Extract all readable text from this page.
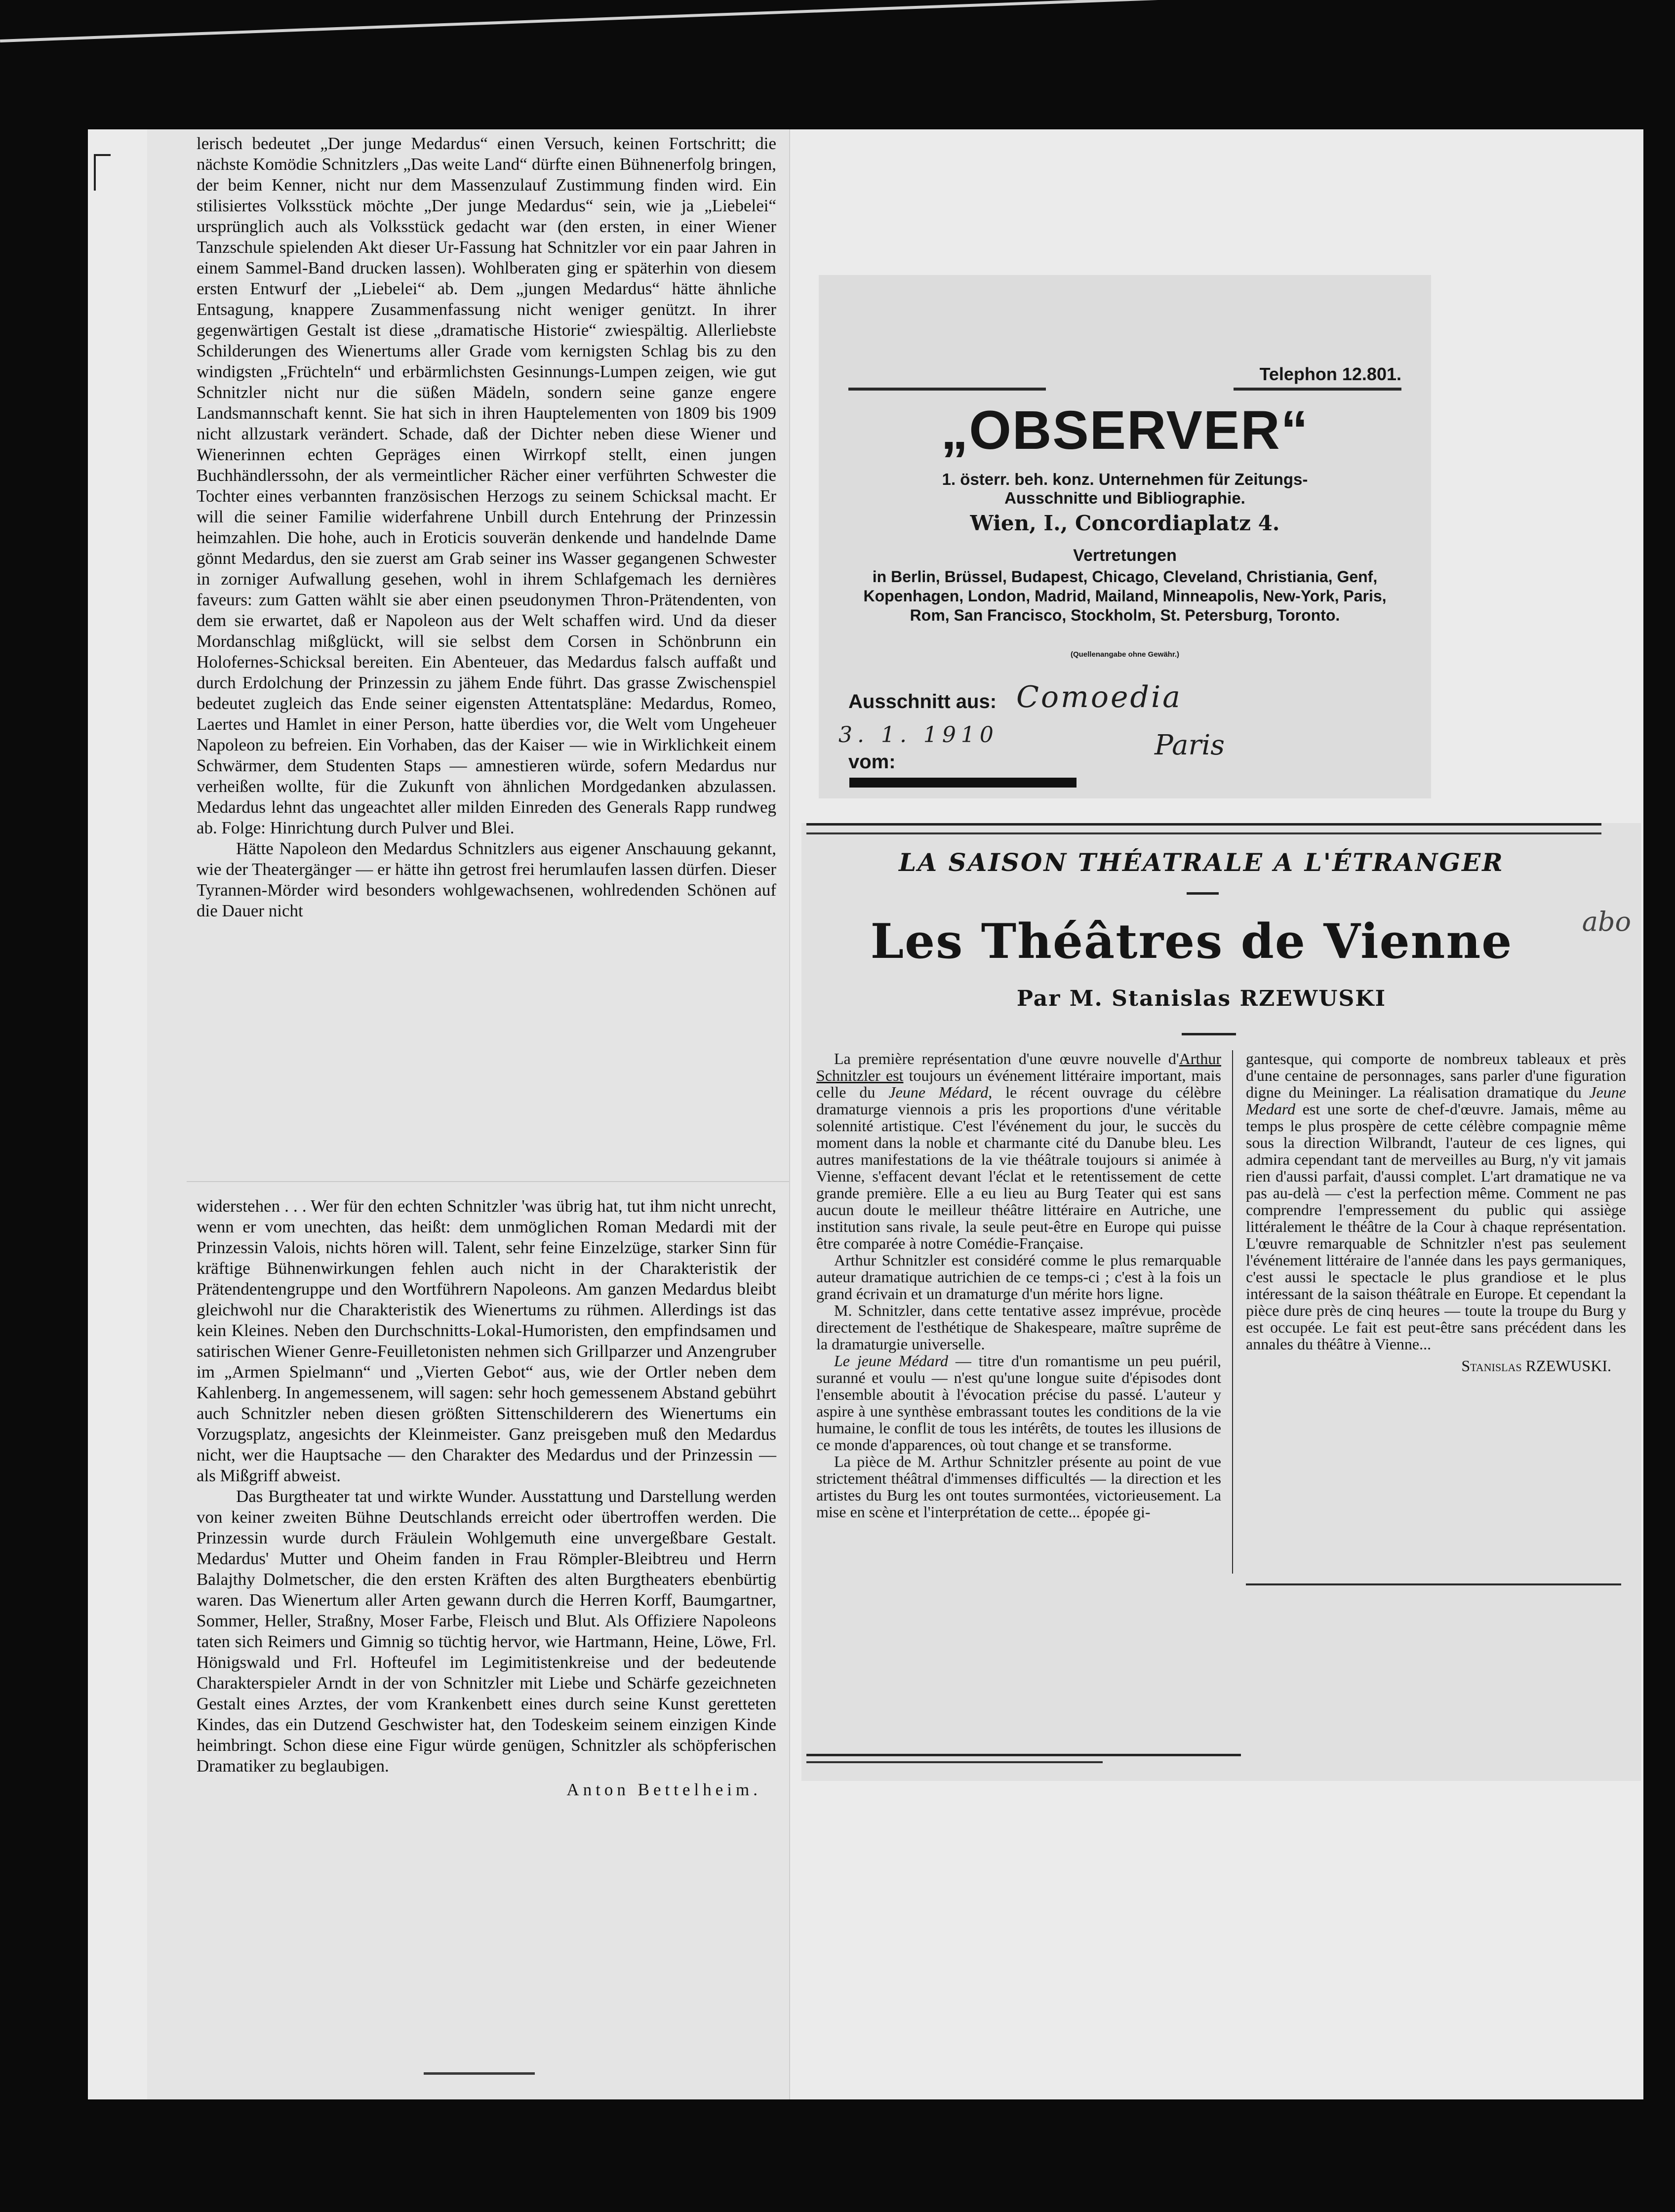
lerisch bedeutet „Der junge Medardus“ einen Versuch, keinen Fortschritt; die nächste Komödie Schnitzlers „Das weite Land“ dürfte einen Bühnenerfolg bringen, der beim Kenner, nicht nur dem Massenzulauf Zustimmung finden wird. Ein stilisiertes Volksstück möchte „Der junge Medardus“ sein, wie ja „Liebelei“ ursprünglich auch als Volksstück gedacht war (den ersten, in einer Wiener Tanzschule spielenden Akt dieser Ur-Fassung hat Schnitzler vor ein paar Jahren in einem Sammel-Band drucken lassen). Wohlberaten ging er späterhin von diesem ersten Entwurf der „Liebelei“ ab. Dem „jungen Medardus“ hätte ähnliche Entsagung, knappere Zusammenfassung nicht weniger genützt. In ihrer gegenwärtigen Gestalt ist diese „dramatische Historie“ zwiespältig. Allerliebste Schilderungen des Wienertums aller Grade vom kernigsten Schlag bis zu den windigsten „Früchteln“ und erbärmlichsten Gesinnungs-Lumpen zeigen, wie gut Schnitzler nicht nur die süßen Mädeln, sondern seine ganze engere Landsmannschaft kennt. Sie hat sich in ihren Hauptelementen von 1809 bis 1909 nicht allzustark verändert. Schade, daß der Dichter neben diese Wiener und Wienerinnen echten Gepräges einen Wirrkopf stellt, einen jungen Buchhändlerssohn, der als vermeintlicher Rächer einer verführten Schwester die Tochter eines verbannten französischen Herzogs zu seinem Schicksal macht. Er will die seiner Familie widerfahrene Unbill durch Entehrung der Prinzessin heimzahlen. Die hohe, auch in Eroticis souverän denkende und handelnde Dame gönnt Medardus, den sie zuerst am Grab seiner ins Wasser gegangenen Schwester in zorniger Aufwallung gesehen, wohl in ihrem Schlafgemach les dernières faveurs: zum Gatten wählt sie aber einen pseudonymen Thron-Prätendenten, von dem sie erwartet, daß er Napoleon aus der Welt schaffen wird. Und da dieser Mordanschlag mißglückt, will sie selbst dem Corsen in Schönbrunn ein Holofernes-Schicksal bereiten. Ein Abenteuer, das Medardus falsch auffaßt und durch Erdolchung der Prinzessin zu jähem Ende führt. Das grasse Zwischenspiel bedeutet zugleich das Ende seiner eigensten Attentatspläne: Medardus, Romeo, Laertes und Hamlet in einer Person, hatte überdies vor, die Welt vom Ungeheuer Napoleon zu befreien. Ein Vorhaben, das der Kaiser — wie in Wirklichkeit einem Schwärmer, dem Studenten Staps — amnestieren würde, sofern Medardus nur verheißen wollte, für die Zukunft von ähnlichen Mordgedanken abzulassen. Medardus lehnt das ungeachtet aller milden Einreden des Generals Rapp rundweg ab. Folge: Hinrichtung durch Pulver und Blei.

Hätte Napoleon den Medardus Schnitzlers aus eigener Anschauung gekannt, wie der Theatergänger — er hätte ihn getrost frei herumlaufen lassen dürfen. Dieser Tyrannen-Mörder wird besonders wohlgewachsenen, wohlredenden Schönen auf die Dauer nicht

widerstehen . . . Wer für den echten Schnitzler 'was übrig hat, tut ihm nicht unrecht, wenn er vom unechten, das heißt: dem unmöglichen Roman Medardi mit der Prinzessin Valois, nichts hören will. Talent, sehr feine Einzelzüge, starker Sinn für kräftige Bühnenwirkungen fehlen auch nicht in der Charakteristik der Prätendentengruppe und den Wortführern Napoleons. Am ganzen Medardus bleibt gleichwohl nur die Charakteristik des Wienertums zu rühmen. Allerdings ist das kein Kleines. Neben den Durchschnitts-Lokal-Humoristen, den empfindsamen und satirischen Wiener Genre-Feuilletonisten nehmen sich Grillparzer und Anzengruber im „Armen Spielmann“ und „Vierten Gebot“ aus, wie der Ortler neben dem Kahlenberg. In angemessenem, will sagen: sehr hoch gemessenem Abstand gebührt auch Schnitzler neben diesen größten Sittenschilderern des Wienertums ein Vorzugsplatz, angesichts der Kleinmeister. Ganz preisgeben muß den Medardus nicht, wer die Hauptsache — den Charakter des Medardus und der Prinzessin — als Mißgriff abweist.

Das Burgtheater tat und wirkte Wunder. Ausstattung und Darstellung werden von keiner zweiten Bühne Deutschlands erreicht oder übertroffen werden. Die Prinzessin wurde durch Fräulein Wohlgemuth eine unvergeßbare Gestalt. Medardus' Mutter und Oheim fanden in Frau Römpler-Bleibtreu und Herrn Balajthy Dolmetscher, die den ersten Kräften des alten Burgtheaters ebenbürtig waren. Das Wienertum aller Arten gewann durch die Herren Korff, Baumgartner, Sommer, Heller, Straßny, Moser Farbe, Fleisch und Blut. Als Offiziere Napoleons taten sich Reimers und Gimnig so tüchtig hervor, wie Hartmann, Heine, Löwe, Frl. Hönigswald und Frl. Hofteufel im Legimitistenkreise und der bedeutende Charakterspieler Arndt in der von Schnitzler mit Liebe und Schärfe gezeichneten Gestalt eines Arztes, der vom Krankenbett eines durch seine Kunst geretteten Kindes, das ein Dutzend Geschwister hat, den Todeskeim seinem einzigen Kinde heimbringt. Schon diese eine Figur würde genügen, Schnitzler als schöpferischen Dramatiker zu beglaubigen.

Anton Bettelheim.
Telephon 12.801.
„OBSERVER“
1. österr. beh. konz. Unternehmen für Zeitungs-
Ausschnitte und Bibliographie.
Wien, I., Concordiaplatz 4.
Vertretungen
in Berlin, Brüssel, Budapest, Chicago, Cleveland, Christiania, Genf, Kopenhagen, London, Madrid, Mailand, Minneapolis, New-York, Paris, Rom, San Francisco, Stockholm, St. Petersburg, Toronto.
(Quellenangabe ohne Gewähr.)
Ausschnitt aus: Comoedia
3. 1. 1910	Paris
vom:
LA SAISON THÉATRALE A L'ÉTRANGER
Les Théâtres de Vienne	abo
Par M. Stanislas RZEWUSKI

La première représentation d'une œuvre nouvelle d'Arthur Schnitzler est toujours un événement littéraire important, mais celle du Jeune Médard, le récent ouvrage du célèbre dramaturge viennois a pris les proportions d'une véritable solennité artistique. C'est l'événement du jour, le succès du moment dans la noble et charmante cité du Danube bleu. Les autres manifestations de la vie théâtrale toujours si animée à Vienne, s'effacent devant l'éclat et le retentissement de cette grande première. Elle a eu lieu au Burg Teater qui est sans aucun doute le meilleur théâtre littéraire en Autriche, une institution sans rivale, la seule peut-être en Europe qui puisse être comparée à notre Comédie-Française.

Arthur Schnitzler est considéré comme le plus remarquable auteur dramatique autrichien de ce temps-ci ; c'est à la fois un grand écrivain et un dramaturge d'un mérite hors ligne.

M. Schnitzler, dans cette tentative assez imprévue, procède directement de l'esthétique de Shakespeare, maître suprême de la dramaturgie universelle.

Le jeune Médard — titre d'un romantisme un peu puéril, suranné et voulu — n'est qu'une longue suite d'épisodes dont l'ensemble aboutit à l'évocation précise du passé. L'auteur y aspire à une synthèse embrassant toutes les conditions de la vie humaine, le conflit de tous les intérêts, de toutes les illusions de ce monde d'apparences, où tout change et se transforme.

La pièce de M. Arthur Schnitzler présente au point de vue strictement théâtral d'immenses difficultés — la direction et les artistes du Burg les ont toutes surmontées, victorieusement. La mise en scène et l'interprétation de cette... épopée gi-

gantesque, qui comporte de nombreux tableaux et près d'une centaine de personnages, sans parler d'une figuration digne du Meininger. La réalisation dramatique du Jeune Medard est une sorte de chef-d'œuvre. Jamais, même au temps le plus prospère de cette célèbre compagnie même sous la direction Wilbrandt, l'auteur de ces lignes, qui admira cependant tant de merveilles au Burg, n'y vit jamais rien d'aussi parfait, d'aussi complet. L'art dramatique ne va pas au-delà — c'est la perfection même. Comment ne pas comprendre l'empressement du public qui assiège littéralement le théâtre de la Cour à chaque représentation. L'œuvre remarquable de Schnitzler n'est pas seulement l'événement littéraire de l'année dans les pays germaniques, c'est aussi le spectacle le plus grandiose et le plus intéressant de la saison théâtrale en Europe. Et cependant la pièce dure près de cinq heures — toute la troupe du Burg y est occupée. Le fait est peut-être sans précédent dans les annales du théâtre à Vienne...

Stanislas RZEWUSKI.
